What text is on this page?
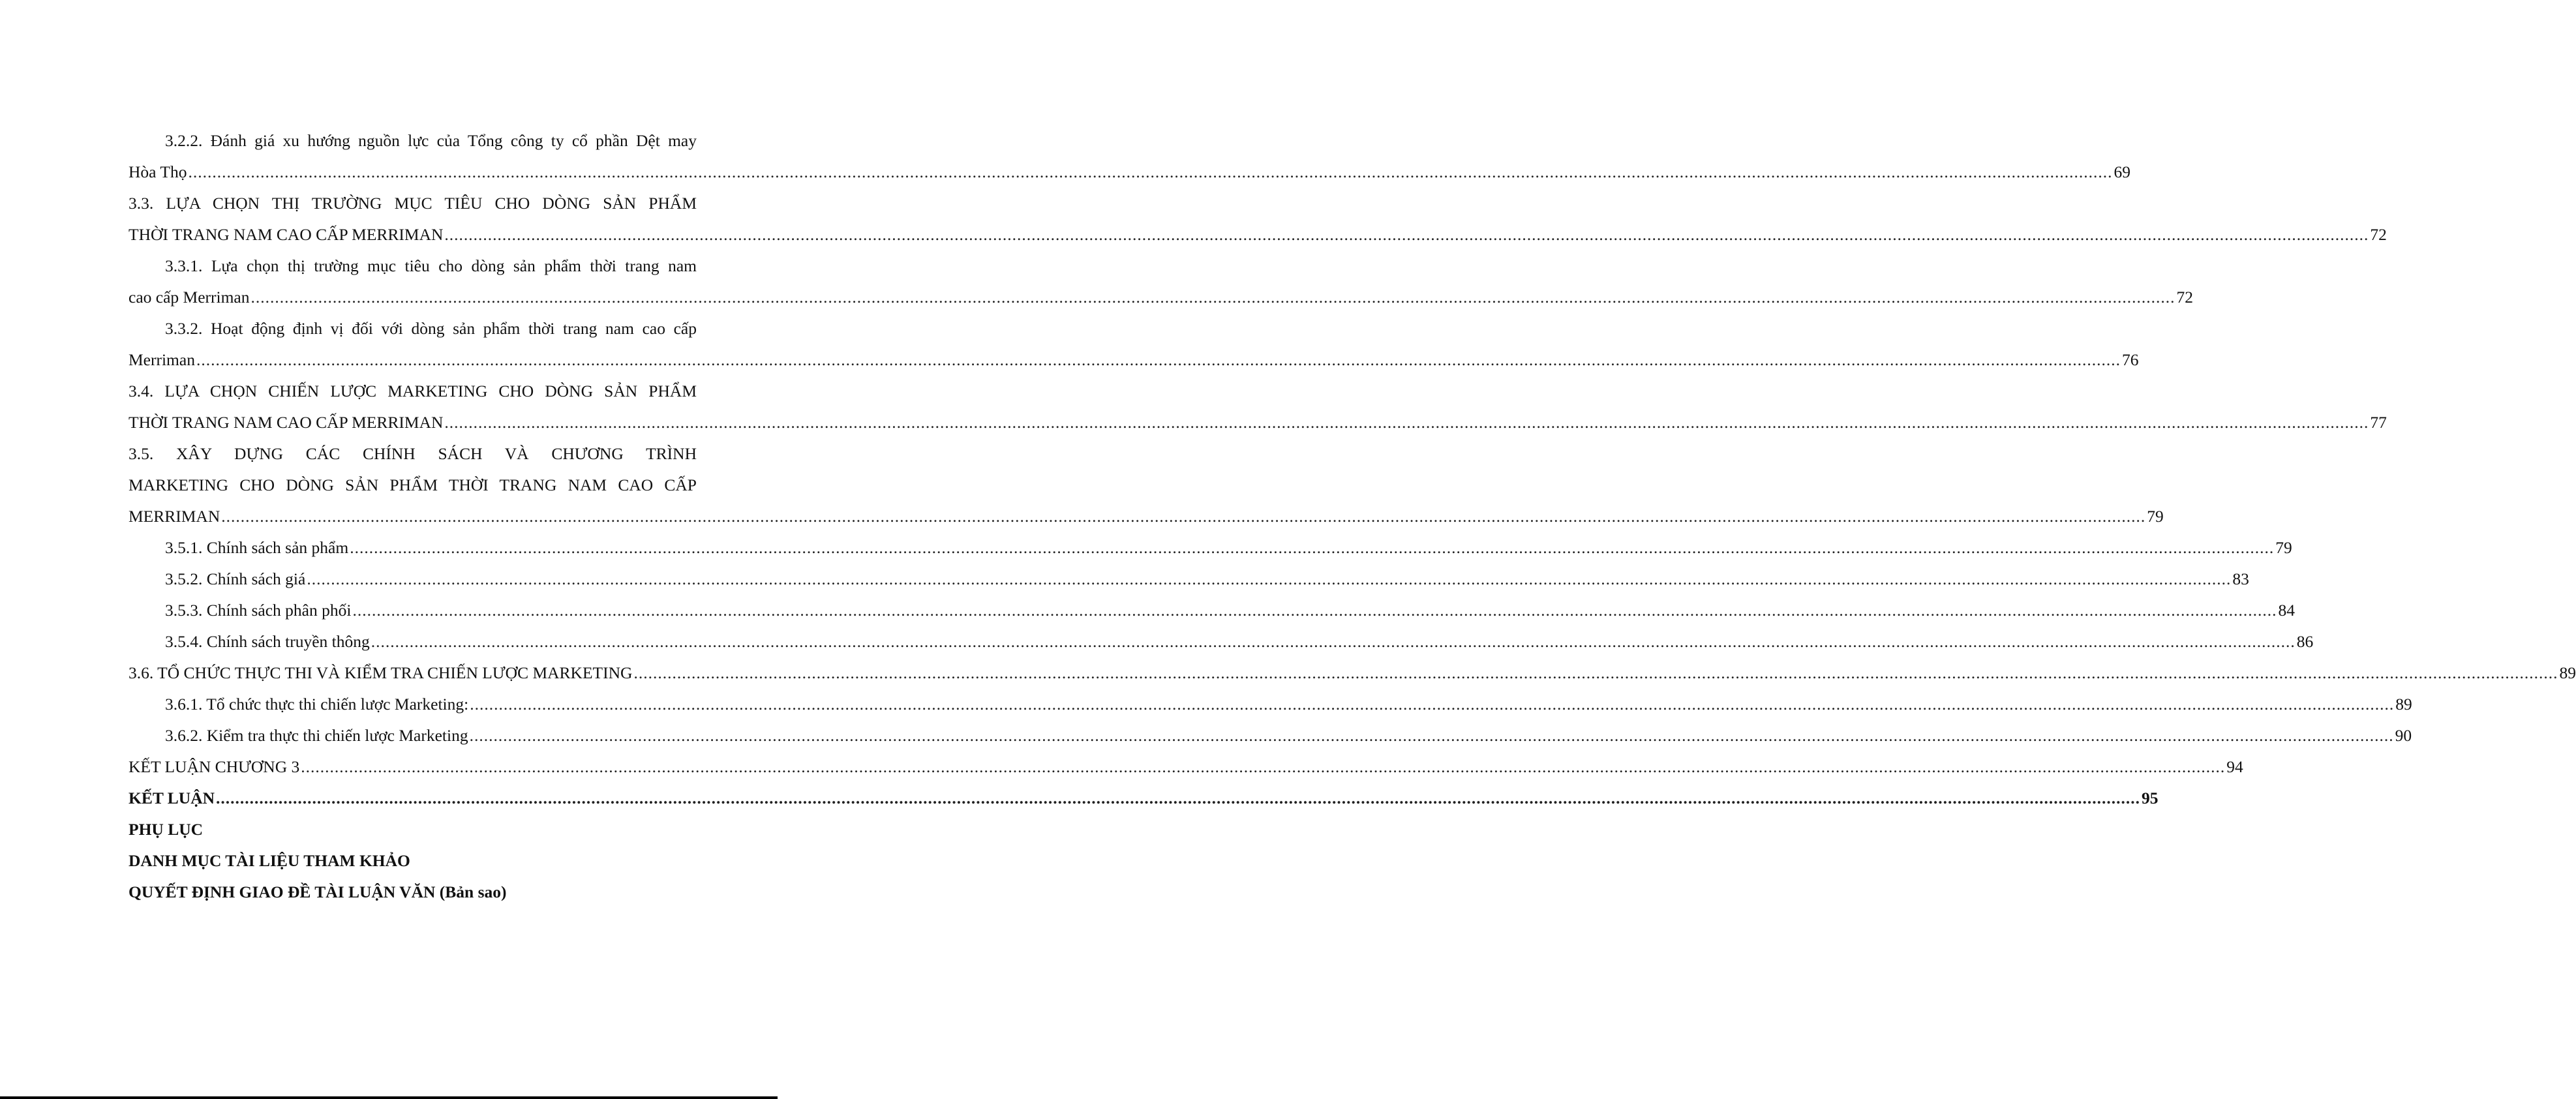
3.2.2. Đánh giá xu hướng nguồn lực của Tổng công ty cổ phần Dệt may
Hòa Thọ ................................................................................................................................................................................................................................................................................................................................................................................................................ 69
3.3. LỰA CHỌN THỊ TRƯỜNG MỤC TIÊU CHO DÒNG SẢN PHẨM
THỜI TRANG NAM CAO CẤP MERRIMAN ................................................................................................................................................................................................................................................................................................................................................................................................................ 72
3.3.1. Lựa chọn thị trường mục tiêu cho dòng sản phẩm thời trang nam
cao cấp Merriman ................................................................................................................................................................................................................................................................................................................................................................................................................ 72
3.3.2. Hoạt động định vị đối với dòng sản phẩm thời trang nam cao cấp
Merriman ................................................................................................................................................................................................................................................................................................................................................................................................................ 76
3.4. LỰA CHỌN CHIẾN LƯỢC MARKETING CHO DÒNG SẢN PHẨM
THỜI TRANG NAM CAO CẤP MERRIMAN ................................................................................................................................................................................................................................................................................................................................................................................................................ 77
3.5. XÂY DỰNG CÁC CHÍNH SÁCH VÀ CHƯƠNG TRÌNH
MARKETING CHO DÒNG SẢN PHẨM THỜI TRANG NAM CAO CẤP
MERRIMAN ................................................................................................................................................................................................................................................................................................................................................................................................................ 79
3.5.1. Chính sách sản phẩm ................................................................................................................................................................................................................................................................................................................................................................................................................ 79
3.5.2. Chính sách giá ................................................................................................................................................................................................................................................................................................................................................................................................................ 83
3.5.3. Chính sách phân phối ................................................................................................................................................................................................................................................................................................................................................................................................................ 84
3.5.4. Chính sách truyền thông ................................................................................................................................................................................................................................................................................................................................................................................................................ 86
3.6. TỔ CHỨC THỰC THI VÀ KIỂM TRA CHIẾN LƯỢC MARKETING ................................................................................................................................................................................................................................................................................................................................................................................................................ 89
3.6.1. Tổ chức thực thi chiến lược Marketing: ................................................................................................................................................................................................................................................................................................................................................................................................................ 89
3.6.2. Kiểm tra thực thi chiến lược Marketing ................................................................................................................................................................................................................................................................................................................................................................................................................ 90
KẾT LUẬN CHƯƠNG 3 ................................................................................................................................................................................................................................................................................................................................................................................................................ 94
KẾT LUẬN ................................................................................................................................................................................................................................................................................................................................................................................................................ 95
PHỤ LỤC
DANH MỤC TÀI LIỆU THAM KHẢO
QUYẾT ĐỊNH GIAO ĐỀ TÀI LUẬN VĂN (Bản sao)
